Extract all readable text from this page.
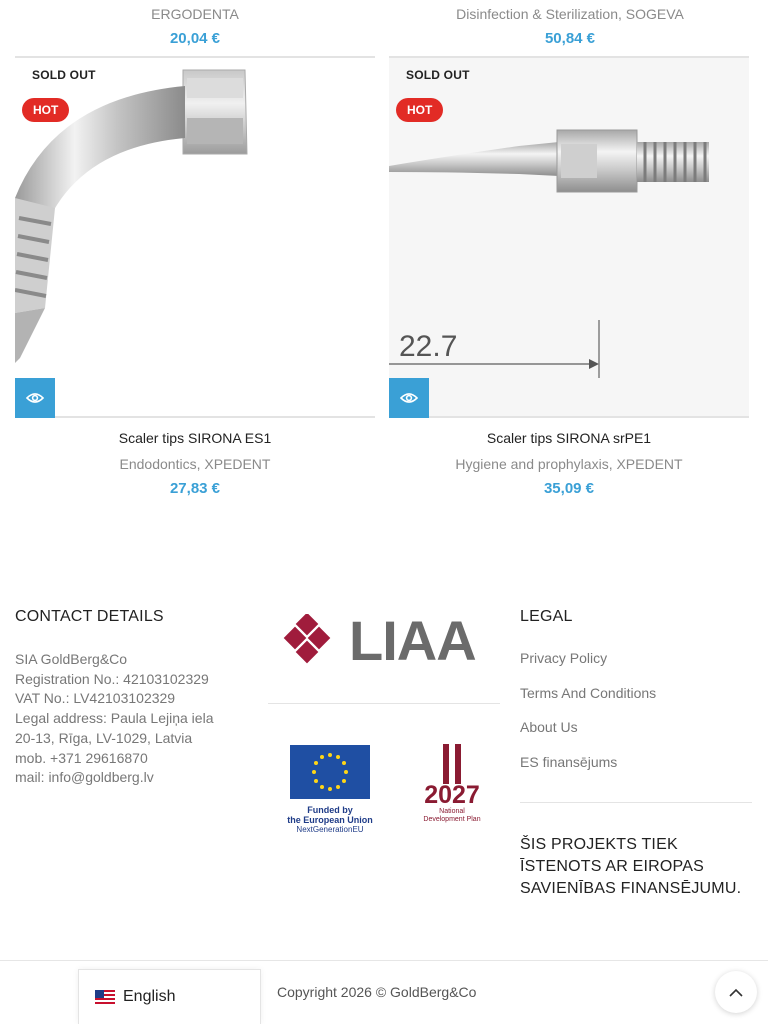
ERGODENTA
20,04 €
Disinfection & Sterilization, SOGEVA
50,84 €
SOLD OUT
HOT
Scaler tips SIRONA ES1
Endodontics, XPEDENT
27,83 €
22.7
SOLD OUT
HOT
Scaler tips SIRONA srPE1
Hygiene and prophylaxis, XPEDENT
35,09 €
CONTACT DETAILS
SIA GoldBerg&Co
Registration No.: 42103102329
VAT No.: LV42103102329
Legal address: Paula Lejiņa iela
20-13, Rīga, LV-1029, Latvia
mob. +371 29616870
mail: info@goldberg.lv
LIAA
Funded by
the European Union
NextGenerationEU
2027
National
Development Plan
LEGAL
Privacy Policy
Terms And Conditions
About Us
ES finansējums
ŠIS PROJEKTS TIEK ĪSTENOTS AR EIROPAS SAVIENĪBAS FINANSĒJUMU.
English	Copyright 2026 © GoldBerg&Co
